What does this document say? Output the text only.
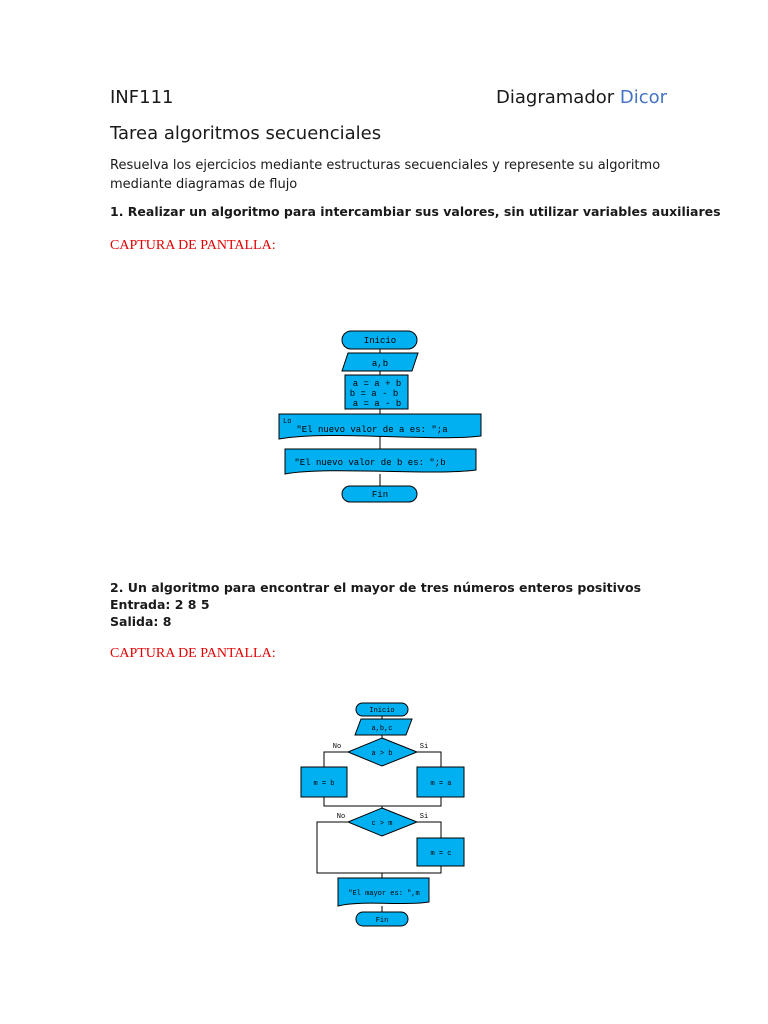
INF111	Diagramador Dicor
Tarea algoritmos secuenciales
Resuelva los ejercicios mediante estructuras secuenciales y represente su algoritmo mediante diagramas de flujo
1. Realizar un algoritmo para intercambiar sus valores, sin utilizar variables auxiliares
CAPTURA DE PANTALLA:
2. Un algoritmo para encontrar el mayor de tres números enteros positivos
Entrada: 2 8 5
Salida: 8
CAPTURA DE PANTALLA:
Inicio
a,b
a = a + b
b = a - b
a = a - b
Lo
"El nuevo valor de a es: ";a
"El nuevo valor de b es: ";b
Fin
Inicio
a,b,c
a > b
No	Si
m = b	m = a
c > m
No	Si
m = c
"El mayor es: ",m
Fin
